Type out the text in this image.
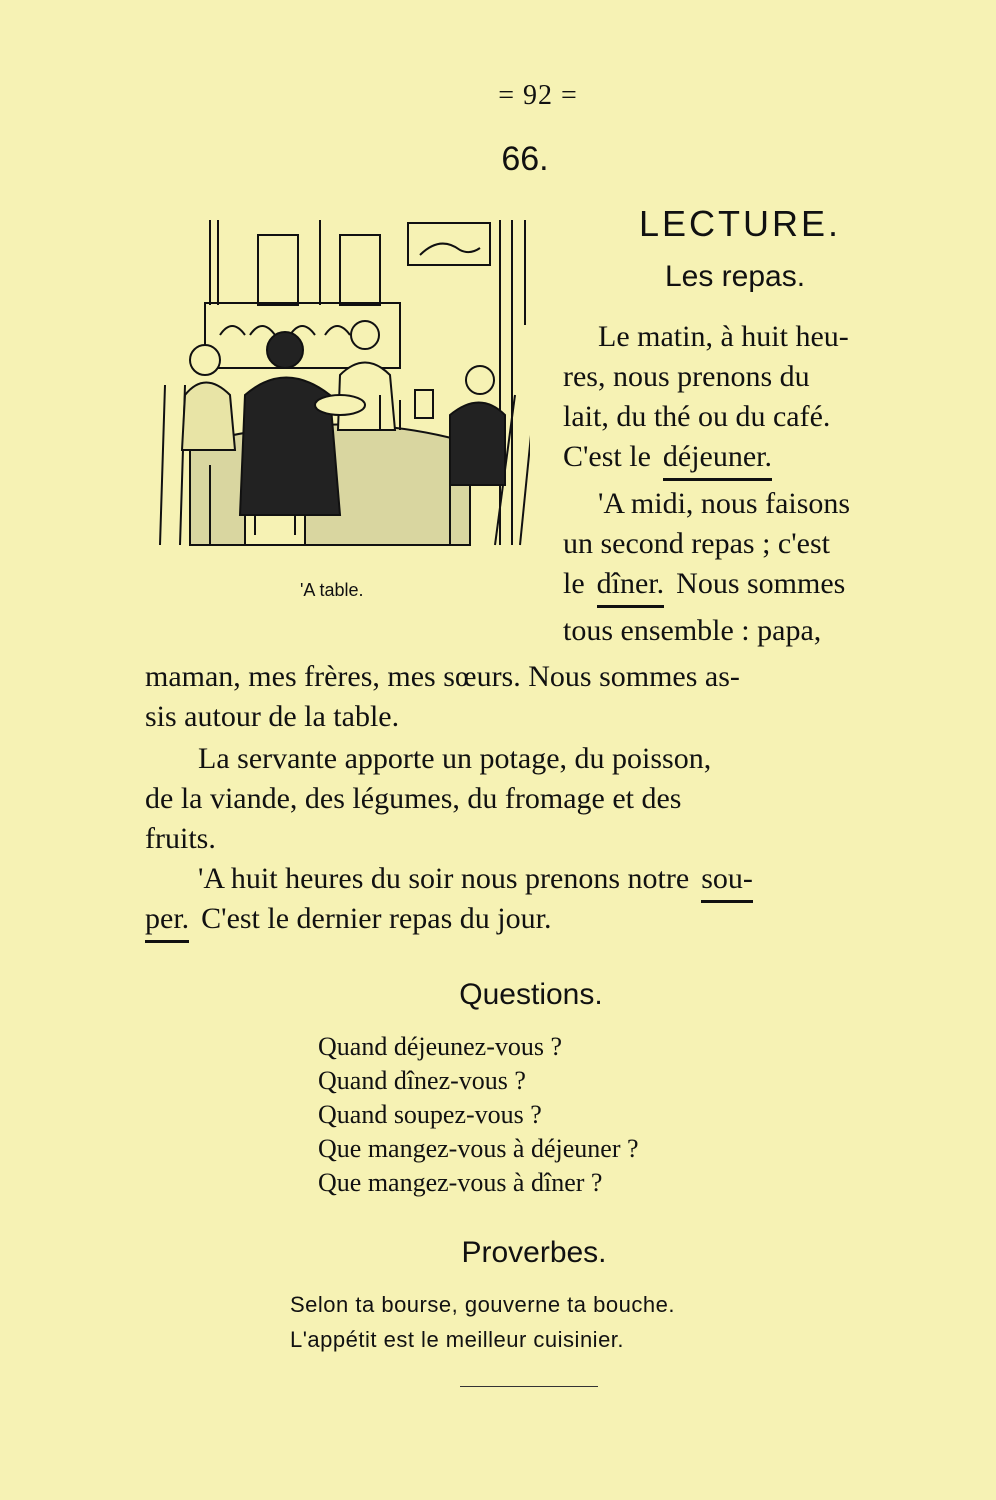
= 92 =
66.
'A table.
LECTURE.
Les repas.
Le matin, à huit heu-
res, nous prenons du
lait, du thé ou du café.
C'est le déjeuner.
'A midi, nous faisons
un second repas ; c'est
le dîner. Nous sommes
tous ensemble : papa,
maman, mes frères, mes sœurs. Nous sommes as-
sis autour de la table.
La servante apporte un potage, du poisson,
de la viande, des légumes, du fromage et des
fruits.
'A huit heures du soir nous prenons notre sou-
per. C'est le dernier repas du jour.
Questions.
Quand déjeunez-vous ?
Quand dînez-vous ?
Quand soupez-vous ?
Que mangez-vous à déjeuner ?
Que mangez-vous à dîner ?
Proverbes.
Selon ta bourse, gouverne ta bouche.
L'appétit est le meilleur cuisinier.
